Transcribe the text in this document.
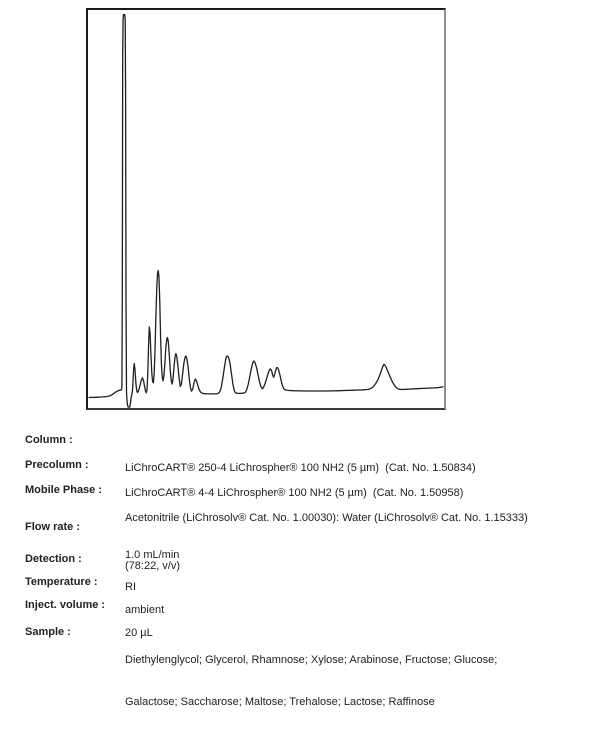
Column :

LiChroCART® 250-4 LiChrospher® 100 NH2 (5 µm)  (Cat. No. 1.50834)

Precolumn :

LiChroCART® 4-4 LiChrospher® 100 NH2 (5 µm)  (Cat. No. 1.50958)

Mobile Phase :

Acetonitrile (LiChrosolv® Cat. No. 1.00030): Water (LiChrosolv® Cat. No. 1.15333)

(78:22, v/v)

Flow rate :

1.0 mL/min

Detection :

RI

Temperature :

ambient

Inject. volume :

20 µL

Sample :

Diethylenglycol; Glycerol, Rhamnose; Xylose; Arabinose, Fructose; Glucose;

Galactose; Saccharose; Maltose; Trehalose; Lactose; Raffinose
